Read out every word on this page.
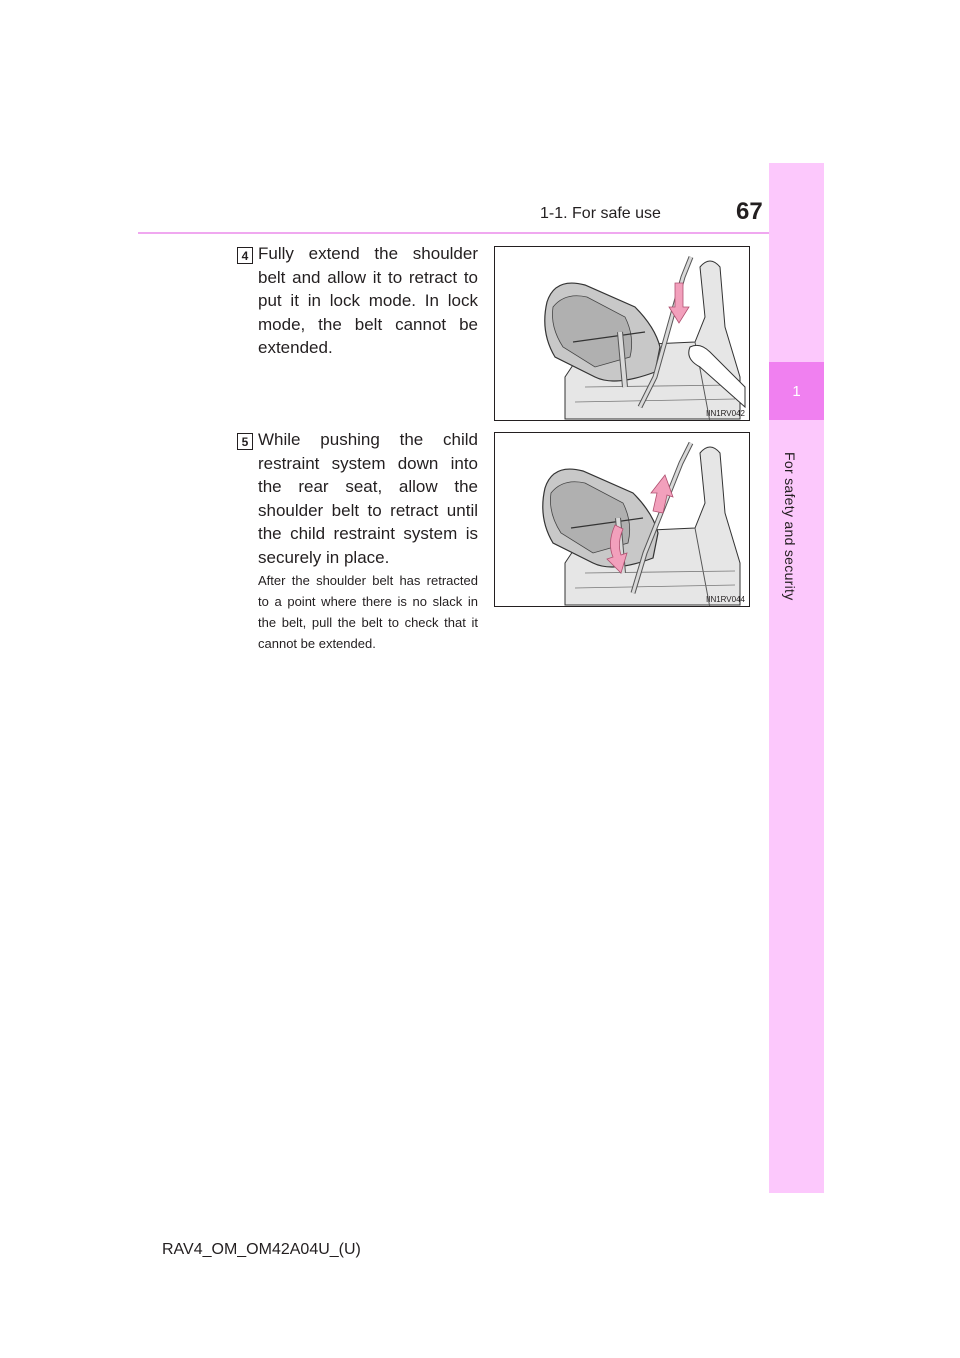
1-1. For safe use	67
1
For safety and security
4 Fully extend the shoulder belt and allow it to retract to put it in lock mode. In lock mode, the belt cannot be extended.
IIN1RV042
5 While pushing the child restraint system down into the rear seat, allow the shoulder belt to retract until the child restraint system is securely in place.
After the shoulder belt has retracted to a point where there is no slack in the belt, pull the belt to check that it cannot be extended.
IIN1RV044
RAV4_OM_OM42A04U_(U)
